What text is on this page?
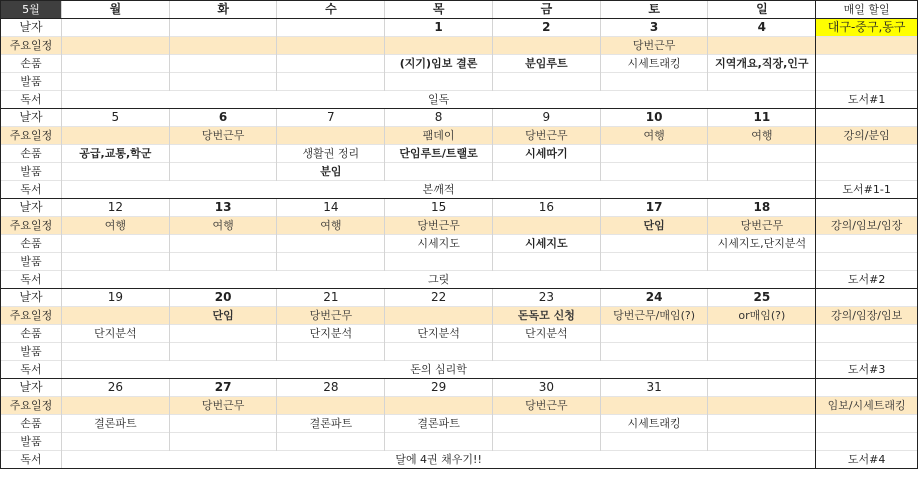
5월	월	화	수	목	금	토	일	매일 할일
날자				1	2	3	4	대구-중구,동구
주요일정						당번근무		
손품				(지기)임보 결론	분임루트	시세트래킹	지역개요,직장,인구	
발품								
독서	일독							도서#1
날자	5	6	7	8	9	10	11	
주요일정		당번근무		팸데이	당번근무	여행	여행	강의/분임
손품	공급,교통,학군		생활권 정리	단임루트/트랠로	시세따기			
발품			분임					
독서	본깨적							도서#1-1
날자	12	13	14	15	16	17	18	
주요일정	여행	여행	여행	당번근무		단임	당번근무	강의/임보/임장
손품				시세지도	시세지도		시세지도,단지분석	
발품								
독서	그릿							도서#2
날자	19	20	21	22	23	24	25	
주요일정		단임	당번근무		돈독모 신청	당번근무/매임(?)	or매임(?)	강의/임장/임보
손품	단지분석		단지분석	단지분석	단지분석			
발품								
독서	돈의 심리학							도서#3
날자	26	27	28	29	30	31		
주요일정		당번근무			당번근무			임보/시세트래킹
손품	결론파트		결론파트	결론파트		시세트래킹		
발품								
독서	달에 4권 채우기!!							도서#4
